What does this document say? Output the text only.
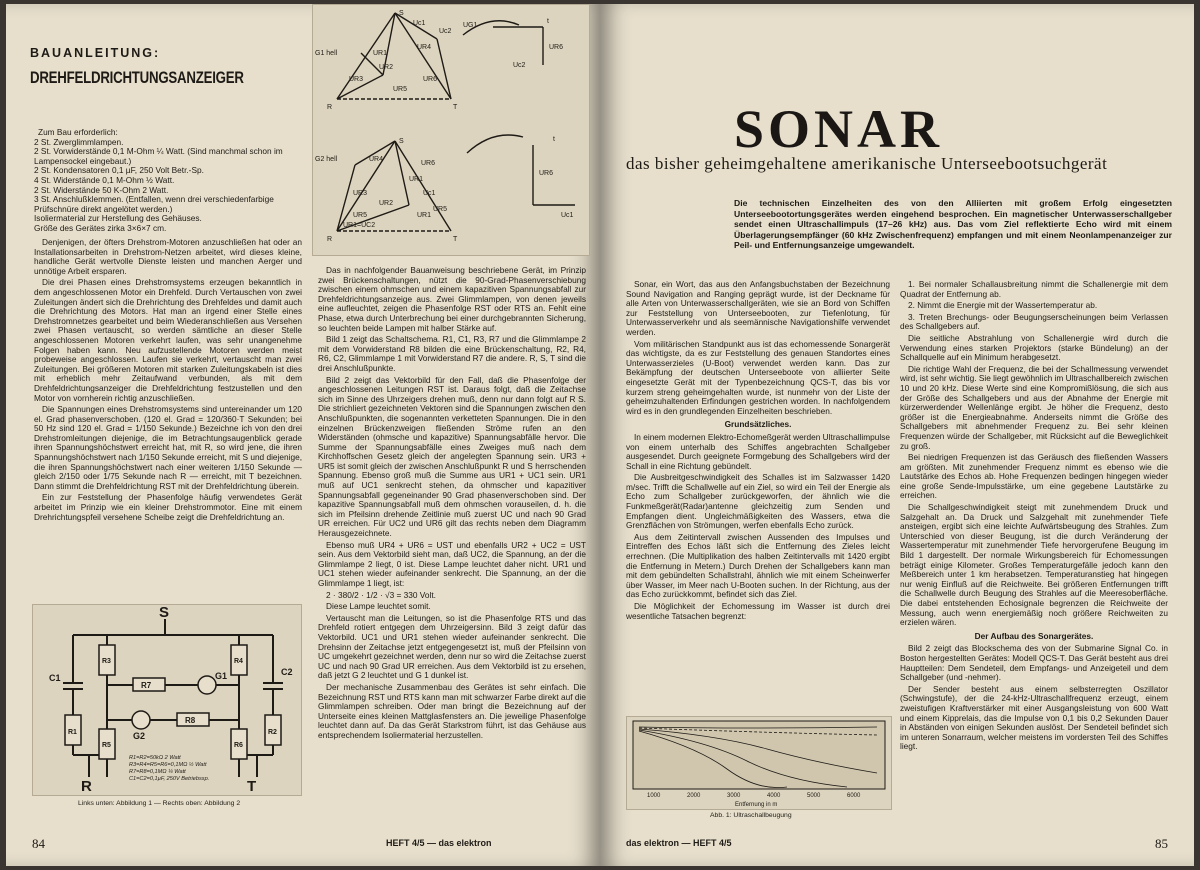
BAUANLEITUNG:
DREHFELDRICHTUNGSANZEIGER
Zum Bau erforderlich:
2 St. Zwerglimmlampen.
2 St. Vorwiderstände 0,1 M-Ohm ¼ Watt. (Sind manchmal schon im Lampensockel eingebaut.)
2 St. Kondensatoren 0,1 µF, 250 Volt Betr.-Sp.
4 St. Widerstände 0,1 M-Ohm ½ Watt.
2 St. Widerstände 50 K-Ohm 2 Watt.
3 St. Anschlußklemmen. (Entfallen, wenn drei verschiedenfarbige Prüfschnüre direkt angelötet werden.)
Isoliermaterial zur Herstellung des Gehäuses.
Größe des Gerätes zirka 3×6×7 cm.

Denjenigen, der öfters Drehstrom-Motoren anzuschließen hat oder an Installationsarbeiten in Drehstrom-Netzen arbeitet, wird dieses kleine, handliche Gerät wertvolle Dienste leisten und manchen Aerger und unnötige Arbeit ersparen.

Die drei Phasen eines Drehstromsystems erzeugen bekanntlich in dem angeschlossenen Motor ein Drehfeld. Durch Vertauschen von zwei Zuleitungen ändert sich die Drehrichtung des Drehfeldes und damit auch die Drehrichtung des Motors. Hat man an irgend einer Stelle eines Drehstromnetzes gearbeitet und beim Wiederanschließen aus Versehen zwei Phasen vertauscht, so werden sämtliche an dieser Stelle angeschlossenen Motoren verkehrt laufen, was sehr unangenehme Folgen haben kann. Neu aufzustellende Motoren werden meist probeweise angeschlossen. Laufen sie verkehrt, vertauscht man zwei Zuleitungen. Bei größeren Motoren mit starken Zuleitungskabeln ist dies mit erheblich mehr Zeitaufwand verbunden, als mit dem Drehfeldrichtungsanzeiger die Drehfeldrichtung festzustellen und den Motor von vornherein richtig anzuschließen.

Die Spannungen eines Drehstromsystems sind untereinander um 120 el. Grad phasenverschoben. (120 el. Grad = 120/360·T Sekunden; bei 50 Hz sind 120 el. Grad = 1/150 Sekunde.) Bezeichne ich von den drei Drehstromleitungen diejenige, die im Betrachtungsaugenblick gerade ihren Spannungshöchstwert erreicht hat, mit R, so wird jene, die ihren Spannungshöchstwert nach 1/150 Sekunde erreicht, mit S und diejenige, die ihren Spannungshöchstwert nach einer weiteren 1/150 Sekunde — gleich 2/150 oder 1/75 Sekunde nach R — erreicht, mit T bezeichnen. Dann stimmt die Drehfeldrichtung RST mit der Drehfeldrichtung überein.

Ein zur Feststellung der Phasenfolge häufig verwendetes Gerät arbeitet im Prinzip wie ein kleiner Drehstrommotor. Eine mit einem Drehrichtungspfeil versehene Scheibe zeigt die Drehfeldrichtung an.

S
R	T
C1
C2
R1	R2
R3	R4
R5	R6
R7
R8
G1
G2
R1=R2=50kΩ 2 Watt
R3=R4=R5=R6=0,1MΩ ½ Watt
R7=R8=0,1MΩ ¼ Watt
C1=C2=0,1µF, 250V Betriebssp.
Links unten: Abbildung 1 — Rechts oben: Abbildung 2
S
Uc1
UR1
UR4
Uc2
UR3	UR6
UR2
UR5
G1 hell
R	T
UG1
t
UR6
Uc2
S
G2 hell
R	T
UR4
UR6
UR1
UR3	Uc1
UR2
UR5	UR1
UR1=UC2
UR5
t
UR6
Uc1

Das in nachfolgender Bauanweisung beschriebene Gerät, im Prinzip zwei Brückenschaltungen, nützt die 90-Grad-Phasenverschiebung zwischen einem ohmschen und einem kapazitiven Spannungsabfall zur Drehfeldrichtungsanzeige aus. Zwei Glimmlampen, von denen jeweils eine aufleuchtet, zeigen die Phasenfolge RST oder RTS an. Fehlt eine Phase, etwa durch Unterbrechung bei einer durchgebrannten Sicherung, so leuchten beide Lampen mit halber Stärke auf.

Bild 1 zeigt das Schaltschema. R1, C1, R3, R7 und die Glimmlampe 2 mit dem Vorwiderstand R8 bilden die eine Brückenschaltung, R2, R4, R6, C2, Glimmlampe 1 mit Vorwiderstand R7 die andere. R, S, T sind die drei Anschlußpunkte.

Bild 2 zeigt das Vektorbild für den Fall, daß die Phasenfolge der angeschlossenen Leitungen RST ist. Daraus folgt, daß die Zeitachse sich im Sinne des Uhrzeigers drehen muß, denn nur dann folgt auf R S. Die strichliert gezeichneten Vektoren sind die Spannungen zwischen den Anschlußpunkten, die sogenannten verketteten Spannungen. Die in den einzelnen Brückenzweigen fließenden Ströme rufen an den Widerständen (ohmsche und kapazitive) Spannungsabfälle hervor. Die Summe der Spannungsabfälle eines Zweiges muß nach dem Kirchhoffschen Gesetz gleich der angelegten Spannung sein. UR3 + UR5 ist somit gleich der zwischen Anschlußpunkt R und S herrschenden Spannung. Ebenso groß muß die Summe aus UR1 + UC1 sein. UR1 muß auf UC1 senkrecht stehen, da ohmscher und kapazitiver Spannungsabfall gegeneinander 90 Grad phasenverschoben sind. Der kapazitive Spannungsabfall muß dem ohmschen vorauseilen, d. h. die sich im Pfeilsinn drehende Zeitlinie muß zuerst UC und nach 90 Grad UR erreichen. Für UC2 und UR6 gilt das rechts neben dem Diagramm Herausgezeichnete.

Ebenso muß UR4 + UR6 = UST und ebenfalls UR2 + UC2 = UST sein. Aus dem Vektorbild sieht man, daß UC2, die Spannung, an der die Glimmlampe 2 liegt, 0 ist. Diese Lampe leuchtet daher nicht. UR1 und UC1 stehen wieder aufeinander senkrecht. Die Spannung, an der die Glimmlampe 1 liegt, ist:

2 · 380/2 · 1/2 · √3 = 330 Volt.

Diese Lampe leuchtet somit.

Vertauscht man die Leitungen, so ist die Phasenfolge RTS und das Drehfeld rotiert entgegen dem Uhrzeigersinn. Bild 3 zeigt dafür das Vektorbild. UC1 und UR1 stehen wieder aufeinander senkrecht. Die Drehsinn der Zeitachse jetzt entgegengesetzt ist, muß der Pfeilsinn von UC umgekehrt gezeichnet werden, denn nur so wird die Zeitachse zuerst UC und nach 90 Grad UR erreichen. Aus dem Vektorbild ist zu ersehen, daß jetzt G 2 leuchtet und G 1 dunkel ist.

Der mechanische Zusammenbau des Gerätes ist sehr einfach. Die Bezeichnung RST und RTS kann man mit schwarzer Farbe direkt auf die Glimmlampen schreiben. Oder man bringt die Bezeichnung auf der Unterseite eines kleinen Mattglasfensters an. Die jeweilige Phasenfolge leuchtet dann auf. Da das Gerät Starkstrom führt, ist das Gehäuse aus entsprechendem Isoliermaterial herzustellen.

84	HEFT 4/5 — das elektron
SONAR
das bisher geheimgehaltene amerikanische Unterseebootsuchgerät
Die technischen Einzelheiten des von den Alliierten mit großem Erfolg eingesetzten Unterseebootortungsgerätes werden eingehend besprochen. Ein magnetischer Unterwasserschallgeber sendet einen Ultraschallimpuls (17–26 kHz) aus. Das vom Ziel reflektierte Echo wird mit einem Überlagerungsempfänger (60 kHz Zwischenfrequenz) empfangen und mit einem Neonlampenanzeiger zur Peil- und Entfernungsanzeige umgewandelt.

Sonar, ein Wort, das aus den Anfangsbuchstaben der Bezeichnung Sound Navigation and Ranging geprägt wurde, ist der Deckname für alle Arten von Unterwasserschallgeräten, wie sie an Bord von Schiffen zur Feststellung von Unterseebooten, zur Tiefenlotung, für Unterwasserverkehr und als seemännische Navigationshilfe verwendet werden.

Vom militärischen Standpunkt aus ist das echomessende Sonargerät das wichtigste, da es zur Feststellung des genauen Standortes eines Unterwasserzieles (U-Boot) verwendet werden kann. Das zur Bekämpfung der deutschen Unterseeboote von alliierter Seite eingesetzte Gerät mit der Typenbezeichnung QCS-T, das bis vor kurzem streng geheimgehalten wurde, ist nunmehr von der Liste der geheimzuhaltenden Erfindungen gestrichen worden. In nachfolgendem wird es in den grundlegenden Einzelheiten beschrieben.

Grundsätzliches.

In einem modernen Elektro-Echomeßgerät werden Ultraschallimpulse von einem unterhalb des Schiffes angebrachten Schallgeber ausgesendet. Durch geeignete Formgebung des Schallgebers wird der Schall in eine Richtung gebündelt.

Die Ausbreitgeschwindigkeit des Schalles ist im Salzwasser 1420 m/sec. Trifft die Schallwelle auf ein Ziel, so wird ein Teil der Energie als Echo zum Schallgeber zurückgeworfen, der ähnlich wie die Funkmeßgerät(Radar)antenne gleichzeitig zum Senden und Empfangen dient. Ungleichmäßigkeiten des Wassers, etwa die Grenzflächen von Strömungen, werfen ebenfalls Echo zurück.

Aus dem Zeitintervall zwischen Aussenden des Impulses und Eintreffen des Echos läßt sich die Entfernung des Zieles leicht errechnen. (Die Multiplikation des halben Zeitintervalls mit 1420 ergibt die Entfernung in Metern.) Durch Drehen der Schallgebers kann man mit dem gebündelten Schallstrahl, ähnlich wie mit einem Scheinwerfer über Wasser, im Meer nach U-Booten suchen. In der Richtung, aus der das Echo zurückkommt, befindet sich das Ziel.

Die Möglichkeit der Echomessung im Wasser ist durch drei wesentliche Tatsachen begrenzt:

1000	2000	3000	4000	5000	6000
Entfernung in m
Abb. 1: Ultraschallbeugung

1. Bei normaler Schallausbreitung nimmt die Schallenergie mit dem Quadrat der Entfernung ab.

2. Nimmt die Energie mit der Wassertemperatur ab.

3. Treten Brechungs- oder Beugungserscheinungen beim Verlassen des Schallgebers auf.

Die seitliche Abstrahlung von Schallenergie wird durch die Verwendung eines starken Projektors (starke Bündelung) an der Schallquelle auf ein Minimum herabgesetzt.

Die richtige Wahl der Frequenz, die bei der Schallmessung verwendet wird, ist sehr wichtig. Sie liegt gewöhnlich im Ultraschallbereich zwischen 10 und 20 kHz. Diese Werte sind eine Kompromißlösung, die sich aus der Größe des Schallgebers und aus der Abnahme der Energie mit kürzerwerdender Wellenlänge ergibt. Je höher die Frequenz, desto größer ist die Energieabnahme. Anderseits nimmt die Größe des Schallgebers mit abnehmender Frequenz zu. Bei sehr kleinen Frequenzen würde der Schallgeber, mit Rücksicht auf die Beweglichkeit zu groß.

Bei niedrigen Frequenzen ist das Geräusch des fließenden Wassers am größten. Mit zunehmender Frequenz nimmt es ebenso wie die Lautstärke des Echos ab. Hohe Frequenzen bedingen hingegen wieder eine große Sende-Impulsstärke, um eine gegebene Lautstärke zu erreichen.

Die Schallgeschwindigkeit steigt mit zunehmendem Druck und Salzgehalt an. Da Druck und Salzgehalt mit zunehmender Tiefe ansteigen, ergibt sich eine leichte Aufwärtsbeugung des Strahles. Zum Unterschied von dieser Beugung, ist die durch Veränderung der Wassertemperatur mit zunehmender Tiefe hervorgerufene Beugung im Bild 1 dargestellt. Der normale Wirkungsbereich für Echomessungen beträgt einige Kilometer. Großes Temperaturgefälle jedoch kann den Meßbereich unter 1 km herabsetzen. Temperaturanstieg hat hingegen nur wenig Einfluß auf die Reichweite. Bei größeren Entfernungen trifft die Schallwelle durch Beugung des Strahles auf die Meeresoberfläche. Die dabei entstehenden Echosignale begrenzen die Reichweite der Messung, auch wenn energiemäßig noch größere Reichweiten zu erzielen wären.

Der Aufbau des Sonargerätes.

Bild 2 zeigt das Blockschema des von der Submarine Signal Co. in Boston hergestellten Gerätes: Modell QCS-T. Das Gerät besteht aus drei Hauptteilen: Dem Sendeteil, dem Empfangs- und Anzeigeteil und dem Schallgeber (und -nehmer).

Der Sender besteht aus einem selbsterregten Oszillator (Schwingstufe), der die 24-kHz-Ultraschallfrequenz erzeugt, einem zweistufigen Kraftverstärker mit einer Ausgangsleistung von 600 Watt und einem Kipprelais, das die Impulse von 0,1 bis 0,2 Sekunden Dauer in Abständen von einigen Sekunden auslöst. Der Sendeteil befindet sich im unteren Sonarraum, welcher meistens im vordersten Teil des Schiffes liegt.

das elektron — HEFT 4/5	85
